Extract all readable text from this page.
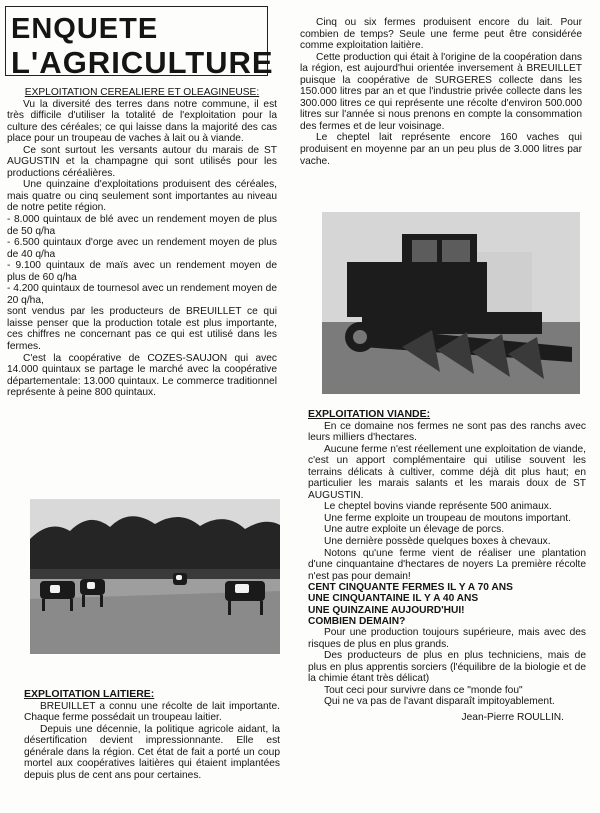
ENQUETE
L'AGRICULTURE

EXPLOITATION CEREALIERE ET OLEAGINEUSE:

Vu la diversité des terres dans notre commune, il est très difficile d'utiliser la totalité de l'exploitation pour la culture des céréales; ce qui laisse dans la majorité des cas place pour un troupeau de vaches à lait ou à viande.

Ce sont surtout les versants autour du marais de ST AUGUSTIN et la champagne qui sont utilisés pour les productions céréalières.

Une quinzaine d'exploitations produisent des céréales, mais quatre ou cinq seulement sont importantes au niveau de notre petite région.

- 8.000 quintaux de blé avec un rendement moyen de plus de 50 q/ha

- 6.500 quintaux d'orge avec un rendement moyen de plus de 40 q/ha

- 9.100 quintaux de maïs avec un rendement moyen de plus de 60 q/ha

- 4.200 quintaux de tournesol avec un rendement moyen de 20 q/ha,

sont vendus par les producteurs de BREUILLET ce qui laisse penser que la production totale est plus importante, ces chiffres ne concernant pas ce qui est utilisé dans les fermes.

C'est la coopérative de COZES-SAUJON qui avec 14.000 quintaux se partage le marché avec la coopérative départementale: 13.000 quintaux. Le commerce traditionnel représente à peine 800 quintaux.

EXPLOITATION LAITIERE:

BREUILLET a connu une récolte de lait importante. Chaque ferme possédait un troupeau laitier.

Depuis une décennie, la politique agricole aidant, la désertification devient impressionnante. Elle est générale dans la région. Cet état de fait a porté un coup mortel aux coopératives laitières qui étaient implantées depuis plus de cent ans pour certaines.

Cinq ou six fermes produisent encore du lait. Pour combien de temps? Seule une ferme peut être considérée comme exploitation laitière.

Cette production qui était à l'origine de la coopération dans la région, est aujourd'hui orientée inversement à BREUILLET puisque la coopérative de SURGERES collecte dans les 150.000 litres par an et que l'industrie privée collecte dans les 300.000 litres ce qui représente une récolte d'environ 500.000 litres sur l'année si nous prenons en compte la consommation des fermes et de leur voisinage.

Le cheptel lait représente encore 160 vaches qui produisent en moyenne par an un peu plus de 3.000 litres par vache.

EXPLOITATION VIANDE:

En ce domaine nos fermes ne sont pas des ranchs avec leurs milliers d'hectares.

Aucune ferme n'est réellement une exploitation de viande, c'est un apport complémentaire qui utilise souvent les terrains délicats à cultiver, comme déjà dit plus haut; en particulier les marais salants et les marais doux de ST AUGUSTIN.

Le cheptel bovins viande représente 500 animaux.

Une ferme exploite un troupeau de moutons important.

Une autre exploite un élevage de porcs.

Une dernière possède quelques boxes à chevaux.

Notons qu'une ferme vient de réaliser une plantation d'une cinquantaine d'hectares de noyers La première récolte n'est pas pour demain!

CENT CINQUANTE FERMES IL Y A 70 ANS

UNE CINQUANTAINE IL Y A 40 ANS

UNE QUINZAINE AUJOURD'HUI!

COMBIEN DEMAIN?

Pour une production toujours supérieure, mais avec des risques de plus en plus grands.

Des producteurs de plus en plus techniciens, mais de plus en plus apprentis sorciers (l'équilibre de la biologie et de la chimie étant très délicat)

Tout ceci pour survivre dans ce "monde fou"

Qui ne va pas de l'avant disparaît impitoyablement.

Jean-Pierre ROULLIN.
